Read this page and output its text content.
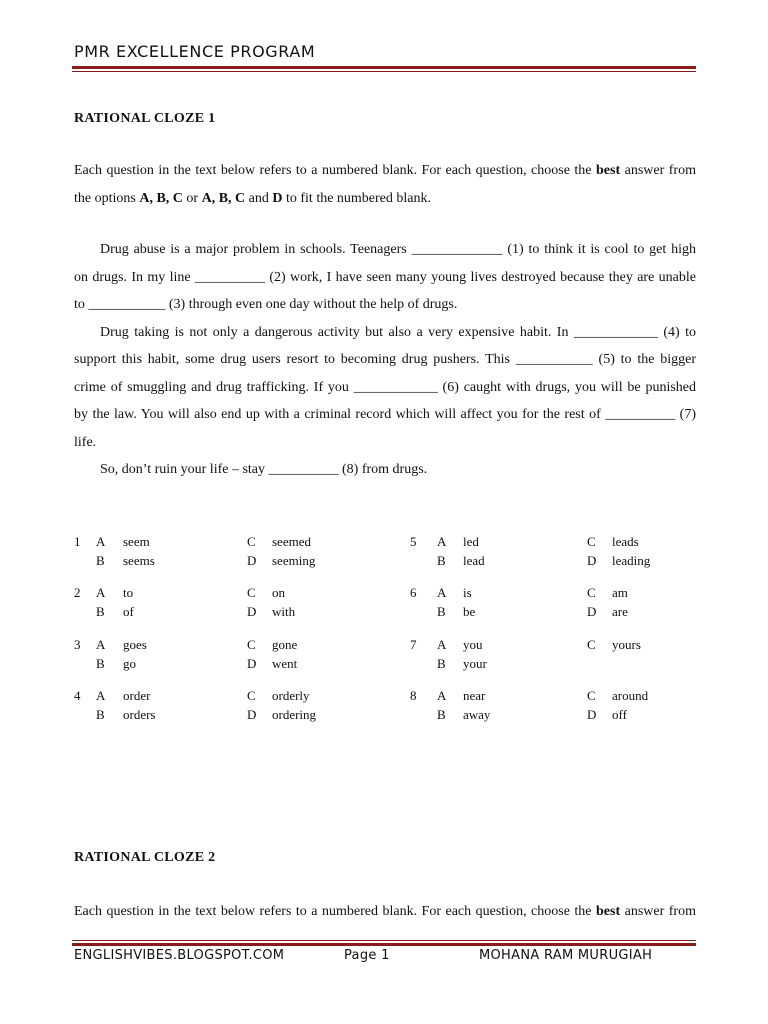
PMR EXCELLENCE PROGRAM
RATIONAL CLOZE 1
Each question in the text below refers to a numbered blank. For each question, choose the best answer from
the options A, B, C or A, B, C and D to fit the numbered blank.
Drug abuse is a major problem in schools. Teenagers _____________ (1) to think it is cool to get high
on drugs. In my line __________ (2) work, I have seen many young lives destroyed because they are unable
to ___________ (3) through even one day without the help of drugs.
Drug taking is not only a dangerous activity but also a very expensive habit. In ____________ (4) to
support this habit, some drug users resort to becoming drug pushers. This ___________ (5) to the bigger
crime of smuggling and drug trafficking. If you ____________ (6) caught with drugs, you will be punished
by the law. You will also end up with a criminal record which will affect you for the rest of __________ (7)
life.
So, don’t ruin your life – stay __________ (8) from drugs.
1 A seem
B seems
C seemed
D seeming
2 A to
B of
C on
D with
3 A goes
B go
C gone
D went
4 A order
B orders
C orderly
D ordering
5 A led
B lead
C leads
D leading
6 A is
B be
C am
D are
7 A you
B your
C yours
8 A near
B away
C around
D off
RATIONAL CLOZE 2
Each question in the text below refers to a numbered blank. For each question, choose the best answer from
ENGLISHVIBES.BLOGSPOT.COM	Page 1	MOHANA RAM MURUGIAH
